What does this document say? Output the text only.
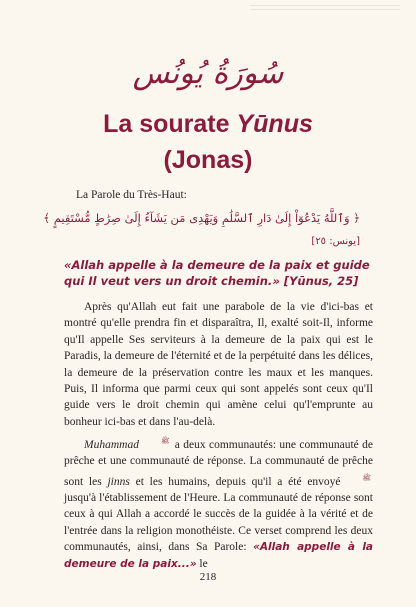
سُورَةُ يُونُس
La sourate Yūnus
(Jonas)
La Parole du Très-Haut:
﴿ وَٱللَّهُ يَدْعُوٓاْ إِلَىٰ دَارِ ٱلسَّلَٰمِ وَيَهْدِى مَن يَشَآءُ إِلَىٰ صِرَٰطٍ مُّسْتَقِيمٍ ﴾
[يونس: ٢٥]
«Allah appelle à la demeure de la paix et guide qui Il veut vers un droit chemin.» [Yūnus, 25]
Après qu'Allah eut fait une parabole de la vie d'ici-bas et montré qu'elle prendra fin et disparaîtra, Il, exalté soit-Il, informe qu'Il appelle Ses serviteurs à la demeure de la paix qui est le Paradis, la demeure de l'éternité et de la perpétuité dans les délices, la demeure de la préservation contre les maux et les manques. Puis, Il informa que parmi ceux qui sont appelés sont ceux qu'Il guide vers le droit chemin qui amène celui qu'l'emprunte au bonheur ici-bas et dans l'au-delà.
Muhammad	ﷺ a deux communautés: une communauté de prêche et une communauté de réponse. La communauté de prêche sont les jinns et les humains, depuis qu'il a été envoyé	ﷺ jusqu'à l'établissement de l'Heure. La communauté de réponse sont ceux à qui Allah a accordé le succès de la guidée à la vérité et de l'entrée dans la religion monothéiste. Ce verset comprend les deux communautés, ainsi, dans Sa Parole: «Allah appelle à la demeure de la paix...» le
218
